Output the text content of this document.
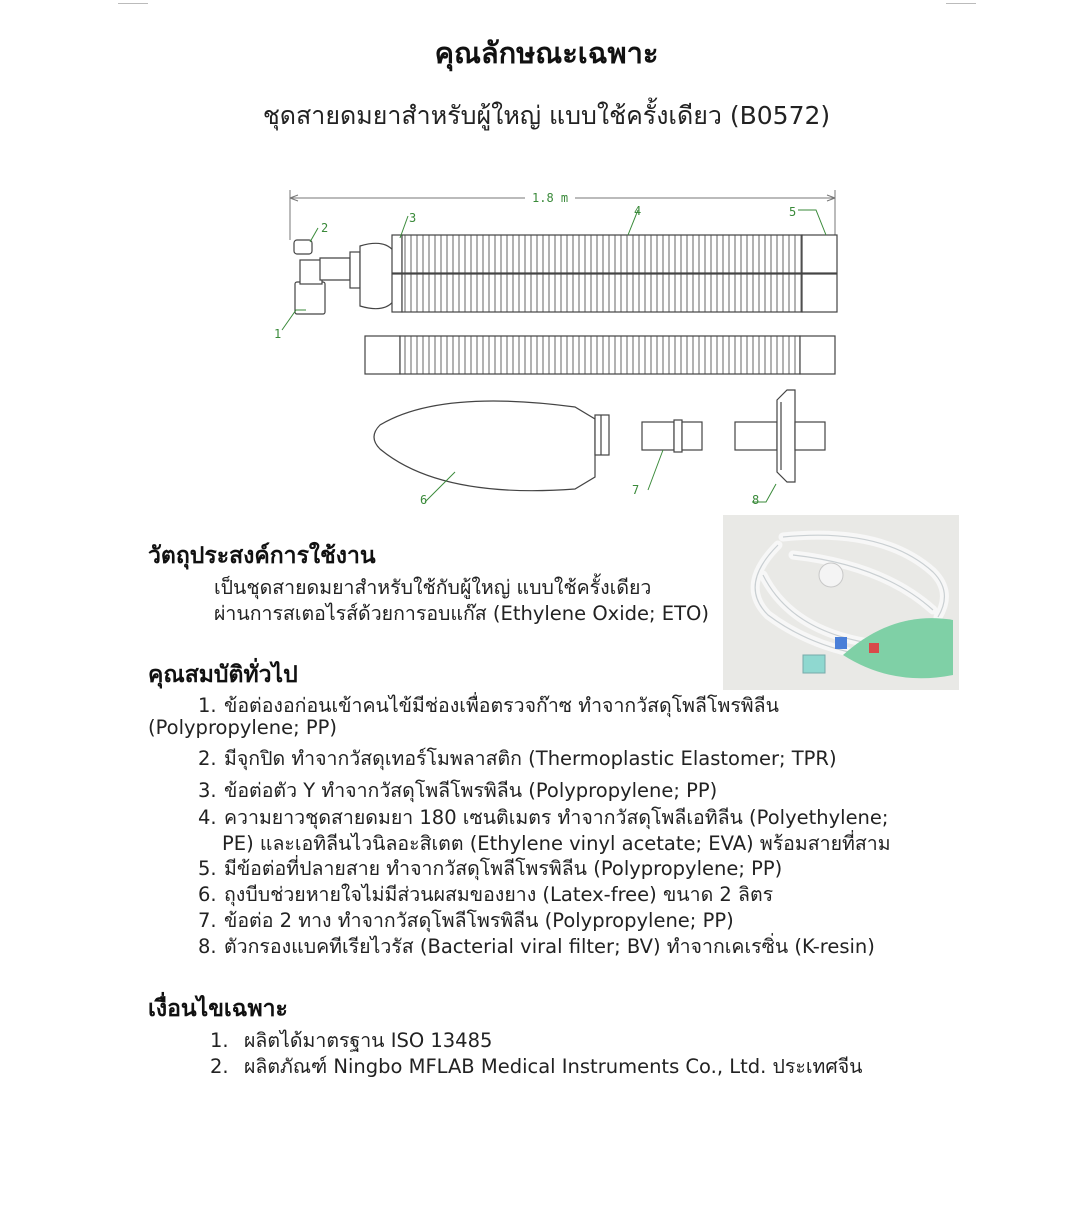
คุณลักษณะเฉพาะ
ชุดสายดมยาสำหรับผู้ใหญ่ แบบใช้ครั้งเดียว (B0572)
1.8 m
1
2
3	4	5
6
7
8
วัตถุประสงค์การใช้งาน
เป็นชุดสายดมยาสำหรับใช้กับผู้ใหญ่ แบบใช้ครั้งเดียว
ผ่านการสเตอไรส์ด้วยการอบแก๊ส (Ethylene Oxide; ETO)
คุณสมบัติทั่วไป
1. ข้อต่องอก่อนเข้าคนไข้มีช่องเพื่อตรวจก๊าซ ทำจากวัสดุโพลีโพรพิลีน
(Polypropylene; PP)
2. มีจุกปิด ทำจากวัสดุเทอร์โมพลาสติก (Thermoplastic Elastomer; TPR)
3. ข้อต่อตัว Y ทำจากวัสดุโพลีโพรพิลีน (Polypropylene; PP)
4. ความยาวชุดสายดมยา 180 เซนติเมตร ทำจากวัสดุโพลีเอทิลีน (Polyethylene;
PE) และเอทิลีนไวนิลอะสิเตต (Ethylene vinyl acetate; EVA) พร้อมสายที่สาม
5. มีข้อต่อที่ปลายสาย ทำจากวัสดุโพลีโพรพิลีน (Polypropylene; PP)
6. ถุงบีบช่วยหายใจไม่มีส่วนผสมของยาง (Latex-free) ขนาด 2 ลิตร
7. ข้อต่อ 2 ทาง ทำจากวัสดุโพลีโพรพิลีน (Polypropylene; PP)
8. ตัวกรองแบคทีเรียไวรัส (Bacterial viral filter; BV) ทำจากเคเรซิ่น (K-resin)
เงื่อนไขเฉพาะ
1. ผลิตได้มาตรฐาน ISO 13485
2. ผลิตภัณฑ์ Ningbo MFLAB Medical Instruments Co., Ltd. ประเทศจีน
